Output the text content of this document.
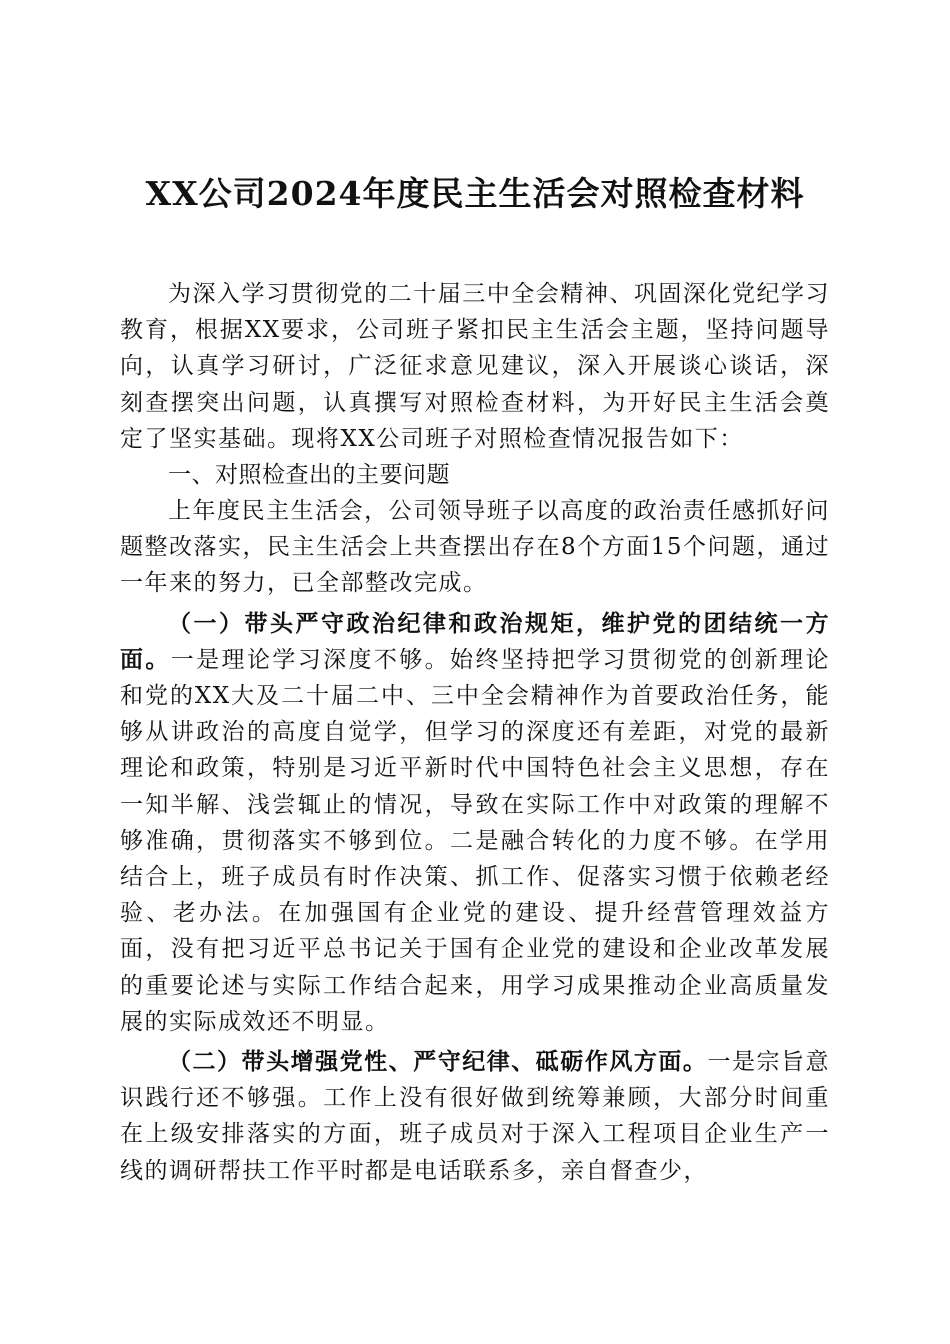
XX公司2024年度民主生活会对照检查材料

为深入学习贯彻党的二十届三中全会精神、巩固深化党纪学习教育，根据XX要求，公司班子紧扣民主生活会主题，坚持问题导向，认真学习研讨，广泛征求意见建议，深入开展谈心谈话，深刻查摆突出问题，认真撰写对照检查材料，为开好民主生活会奠定了坚实基础。现将XX公司班子对照检查情况报告如下：

一、对照检查出的主要问题

上年度民主生活会，公司领导班子以高度的政治责任感抓好问题整改落实，民主生活会上共查摆出存在8个方面15个问题，通过一年来的努力，已全部整改完成。

（一）带头严守政治纪律和政治规矩，维护党的团结统一方面。一是理论学习深度不够。始终坚持把学习贯彻党的创新理论和党的XX大及二十届二中、三中全会精神作为首要政治任务，能够从讲政治的高度自觉学，但学习的深度还有差距，对党的最新理论和政策，特别是习近平新时代中国特色社会主义思想，存在一知半解、浅尝辄止的情况，导致在实际工作中对政策的理解不够准确，贯彻落实不够到位。二是融合转化的力度不够。在学用结合上，班子成员有时作决策、抓工作、促落实习惯于依赖老经验、老办法。在加强国有企业党的建设、提升经营管理效益方面，没有把习近平总书记关于国有企业党的建设和企业改革发展的重要论述与实际工作结合起来，用学习成果推动企业高质量发展的实际成效还不明显。

（二）带头增强党性、严守纪律、砥砺作风方面。一是宗旨意识践行还不够强。工作上没有很好做到统筹兼顾，大部分时间重在上级安排落实的方面，班子成员对于深入工程项目企业生产一线的调研帮扶工作平时都是电话联系多，亲自督查少，
